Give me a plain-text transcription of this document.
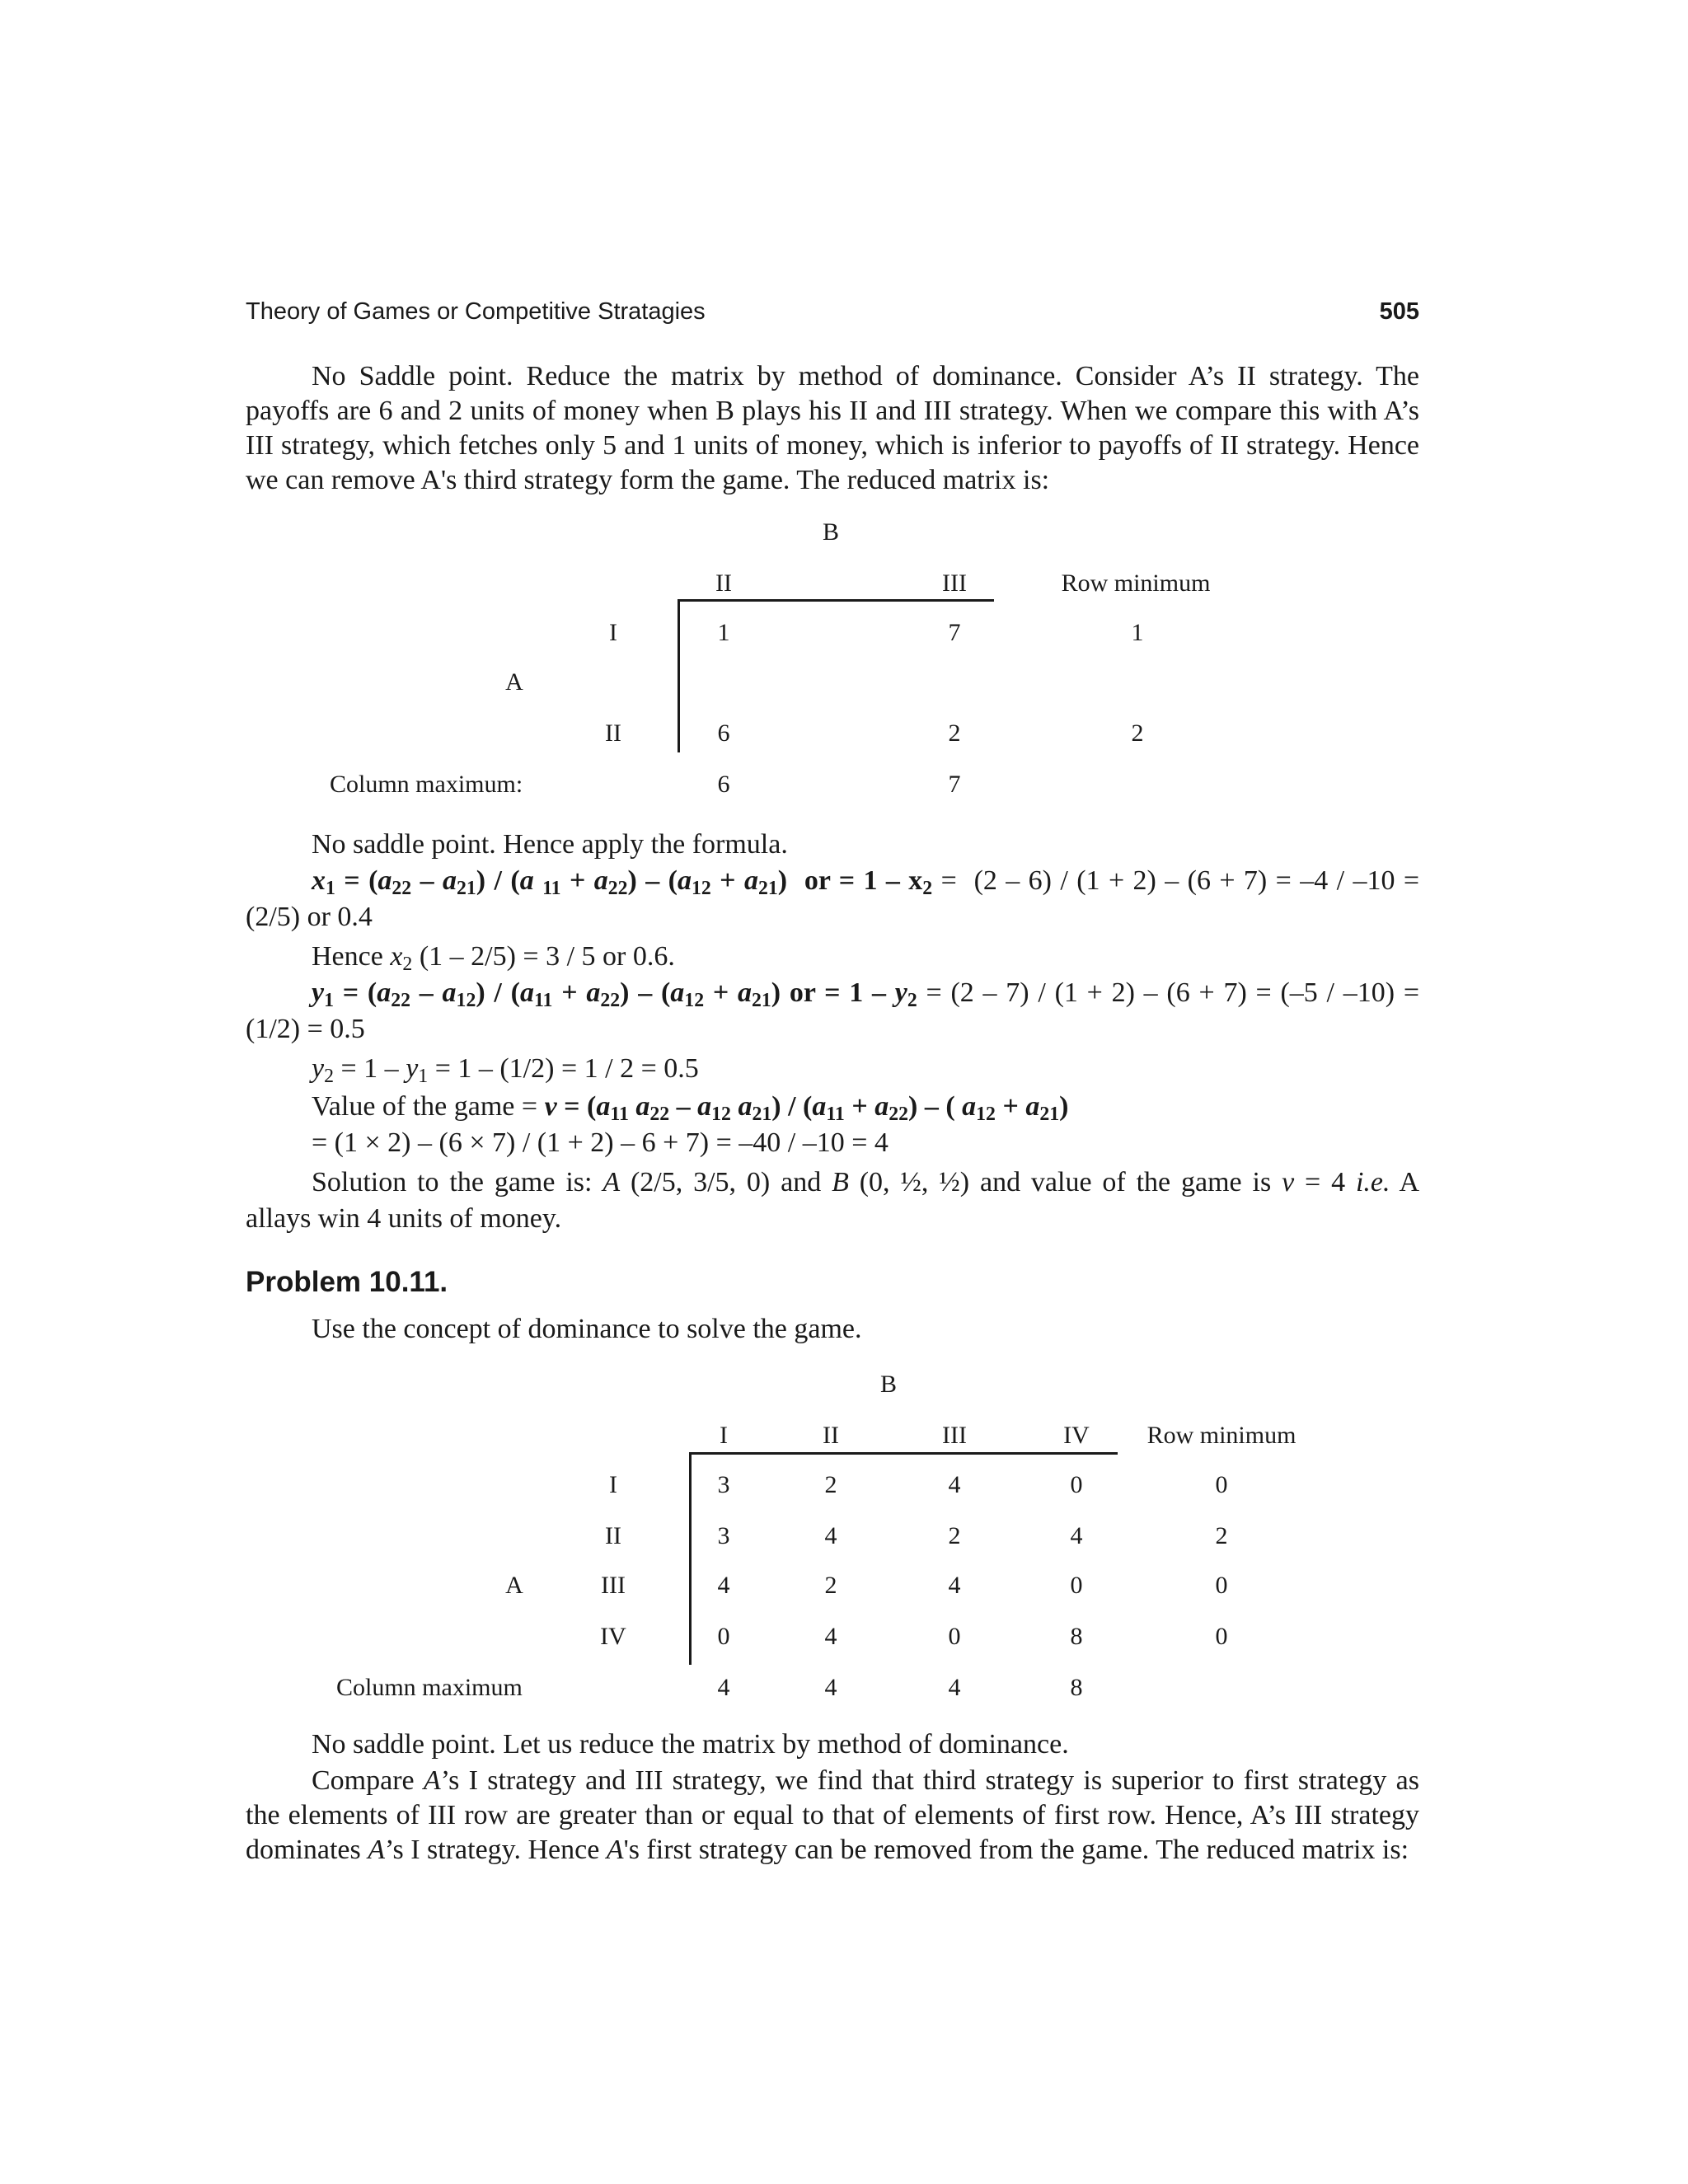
Theory of Games or Competitive Stratagies	505

No Saddle point. Reduce the matrix by method of dominance. Consider A’s II strategy. The payoffs are 6 and 2 units of money when B plays his II and III strategy. When we compare this with A’s III strategy, which fetches only 5 and 1 units of money, which is inferior to payoffs of II strategy. Hence we can remove A's third strategy form the game. The reduced matrix is:

B
II	III	Row minimum
I	1	7	1
A
II	6	2	2
Column maximum:	6	7
No saddle point. Hence apply the formula.
$x_1 = (a_{22} - a_{21}) / (a$ $_{11} + a_{22}) - (a_{12} + a_{21})$  or = $1 - x_2 = (2 - 6) / (1 + 2) - (6 + 7) = -4 / -10$ =
(2/5) or 0.4
Hence $x_2$ (1 – 2/5) = 3 / 5 or 0.6.
$y_1 = (a_{22} - a_{12}) / (a_{11} + a_{22}) - (a_{12} + a_{21})$ or = $1 - y_2 = (2 - 7) / (1 + 2) - (6 + 7) = (-5 / -10)$ =
(1/2) = 0.5
$y_2 = 1 - y_1 = 1 - (1/2) = 1 / 2 = 0.5$
Value of the game = $v = (a_{11}$ $a_{22} - a_{12}$ $a_{21}) / (a_{11} + a_{22})$ – ( $a_{12} + a_{21}$)
= (1 × 2) – (6 × 7) / (1 + 2) – 6 + 7) = –40 / –10 = 4
Solution to the game is: A (2/5, 3/5, 0) and B (0, ½, ½) and value of the game is v = 4 i.e. A
allays win 4 units of money.
Problem 10.11.
Use the concept of dominance to solve the game.
B
I	II	III	IV Row minimum
I	3	2	4	0	0
II	3	4	2	4	2
A	III	4	2	4	0	0
IV	0	4	0	8	0
Column maximum	4	4	4	8
No saddle point. Let us reduce the matrix by method of dominance.

Compare A’s I strategy and III strategy, we find that third strategy is superior to first strategy as the elements of III row are greater than or equal to that of elements of first row. Hence, A’s III strategy dominates A’s I strategy. Hence A's first strategy can be removed from the game. The reduced matrix is:
